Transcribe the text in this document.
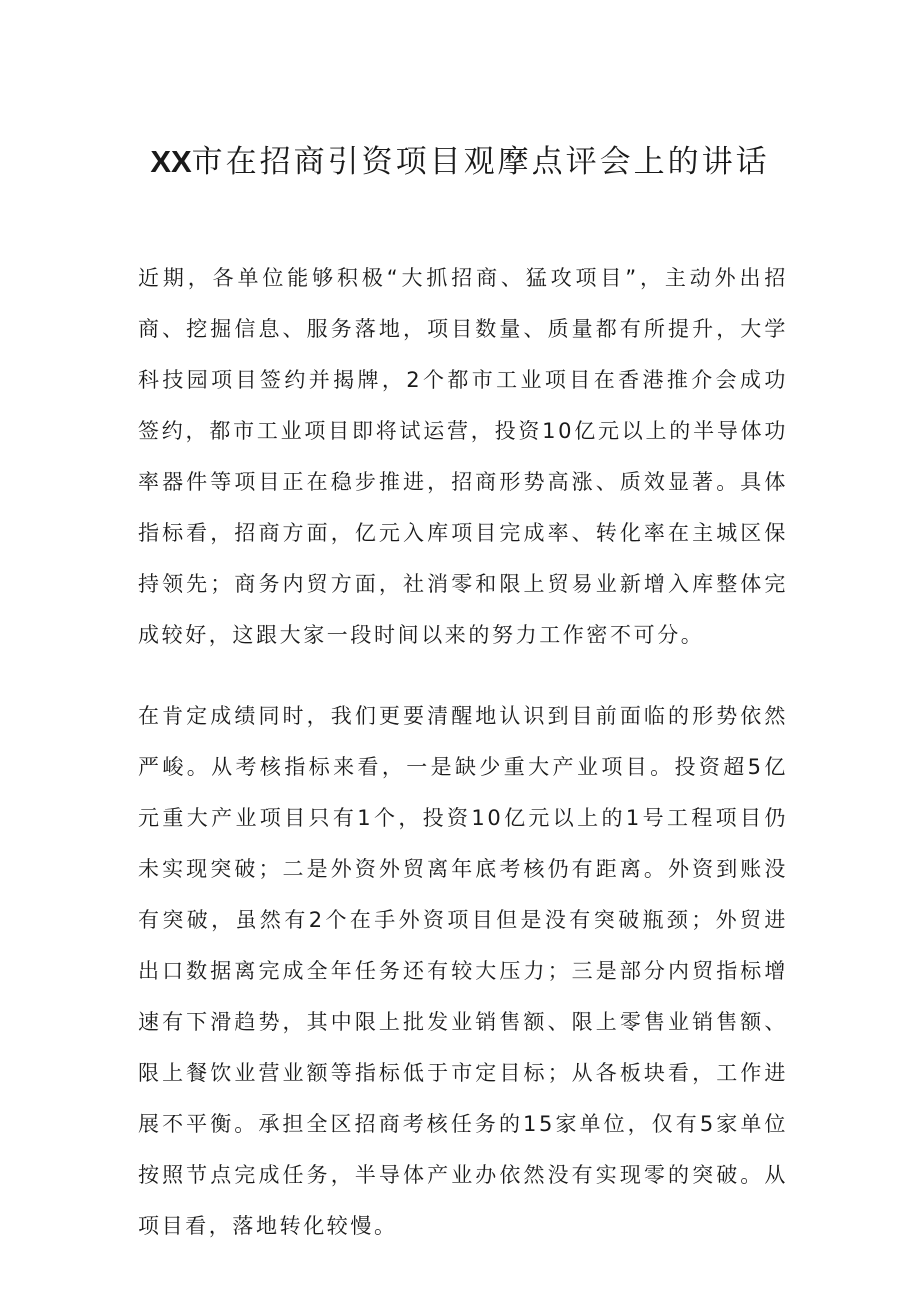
XX市在招商引资项目观摩点评会上的讲话

近期，各单位能够积极“大抓招商、猛攻项目”，主动外出招商、挖掘信息、服务落地，项目数量、质量都有所提升，大学科技园项目签约并揭牌，2个都市工业项目在香港推介会成功签约，都市工业项目即将试运营，投资10亿元以上的半导体功率器件等项目正在稳步推进，招商形势高涨、质效显著。具体指标看，招商方面，亿元入库项目完成率、转化率在主城区保持领先；商务内贸方面，社消零和限上贸易业新增入库整体完成较好，这跟大家一段时间以来的努力工作密不可分。

在肯定成绩同时，我们更要清醒地认识到目前面临的形势依然严峻。从考核指标来看，一是缺少重大产业项目。投资超5亿元重大产业项目只有1个，投资10亿元以上的1号工程项目仍未实现突破；二是外资外贸离年底考核仍有距离。外资到账没有突破，虽然有2个在手外资项目但是没有突破瓶颈；外贸进出口数据离完成全年任务还有较大压力；三是部分内贸指标增速有下滑趋势，其中限上批发业销售额、限上零售业销售额、限上餐饮业营业额等指标低于市定目标；从各板块看，工作进展不平衡。承担全区招商考核任务的15家单位，仅有5家单位按照节点完成任务，半导体产业办依然没有实现零的突破。从项目看，落地转化较慢。
